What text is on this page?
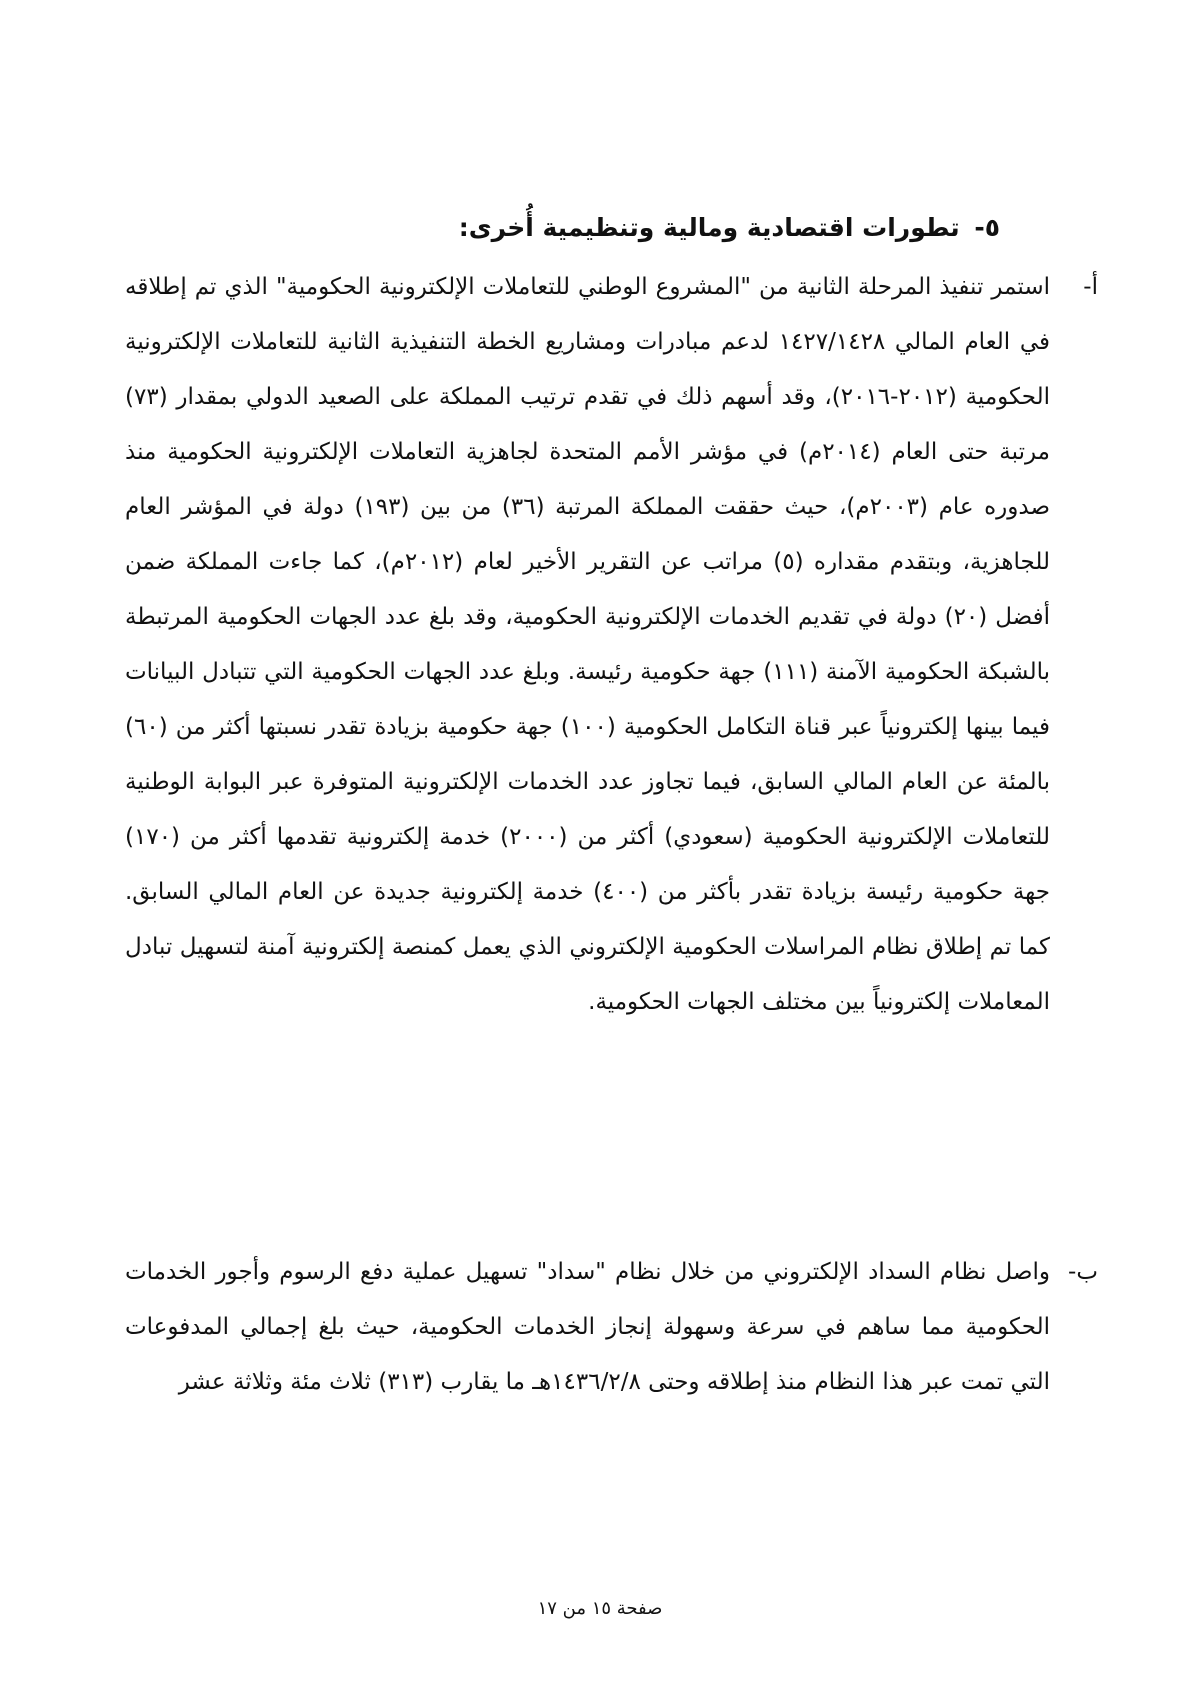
٥- تطورات اقتصادية ومالية وتنظيمية أُخرى:
أ-

استمر تنفيذ المرحلة الثانية من "المشروع الوطني للتعاملات الإلكترونية الحكومية" الذي تم إطلاقه في العام المالي ١٤٢٧/١٤٢٨ لدعم مبادرات ومشاريع الخطة التنفيذية الثانية للتعاملات الإلكترونية الحكومية (٢٠١٢-٢٠١٦)، وقد أسهم ذلك في تقدم ترتيب المملكة على الصعيد الدولي بمقدار (٧٣) مرتبة حتى العام (٢٠١٤م) في مؤشر الأمم المتحدة لجاهزية التعاملات الإلكترونية الحكومية منذ صدوره عام (٢٠٠٣م)، حيث حققت المملكة المرتبة (٣٦) من بين (١٩٣) دولة في المؤشر العام للجاهزية، وبتقدم مقداره (٥) مراتب عن التقرير الأخير لعام (٢٠١٢م)، كما جاءت المملكة ضمن أفضل (٢٠) دولة في تقديم الخدمات الإلكترونية الحكومية، وقد بلغ عدد الجهات الحكومية المرتبطة بالشبكة الحكومية الآمنة (١١١) جهة حكومية رئيسة. وبلغ عدد الجهات الحكومية التي تتبادل البيانات فيما بينها إلكترونياً عبر قناة التكامل الحكومية (١٠٠) جهة حكومية بزيادة تقدر نسبتها أكثر من (٦٠) بالمئة عن العام المالي السابق، فيما تجاوز عدد الخدمات الإلكترونية المتوفرة عبر البوابة الوطنية للتعاملات الإلكترونية الحكومية (سعودي) أكثر من (٢٠٠٠) خدمة إلكترونية تقدمها أكثر من (١٧٠) جهة حكومية رئيسة بزيادة تقدر بأكثر من (٤٠٠) خدمة إلكترونية جديدة عن العام المالي السابق. كما تم إطلاق نظام المراسلات الحكومية الإلكتروني الذي يعمل كمنصة إلكترونية آمنة لتسهيل تبادل المعاملات إلكترونياً بين مختلف الجهات الحكومية.

ب-

واصل نظام السداد الإلكتروني من خلال نظام "سداد" تسهيل عملية دفع الرسوم وأجور الخدمات الحكومية مما ساهم في سرعة وسهولة إنجاز الخدمات الحكومية، حيث بلغ إجمالي المدفوعات التي تمت عبر هذا النظام منذ إطلاقه وحتى ١٤٣٦/٢/٨هـ ما يقارب (٣١٣) ثلاث مئة وثلاثة عشر

صفحة ١٥ من ١٧
